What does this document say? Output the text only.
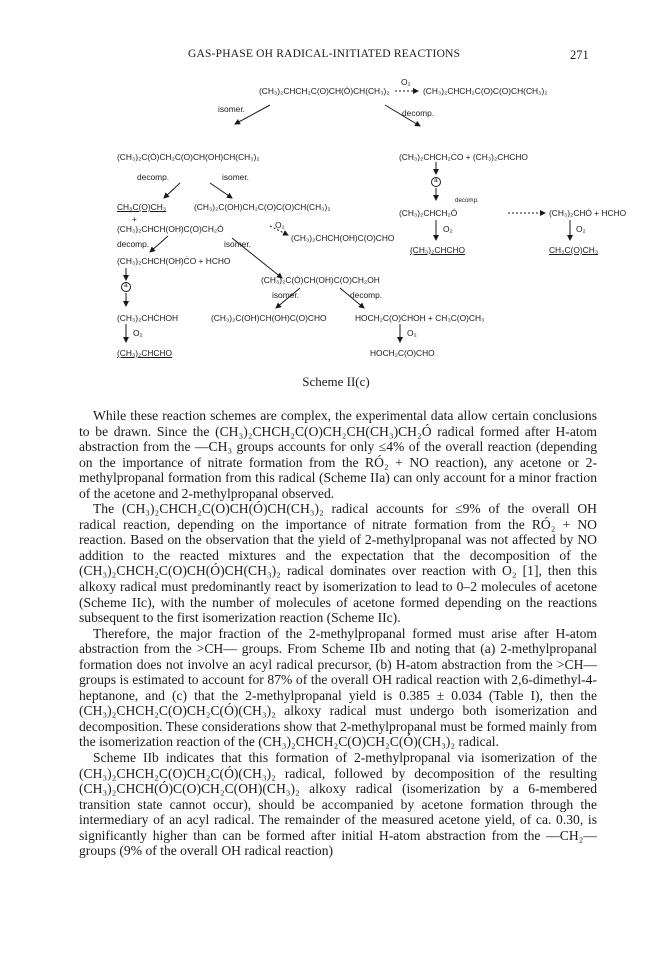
GAS-PHASE OH RADICAL-INITIATED REACTIONS	271
(CH₃)₂CHCH₂C(O)CH(Ó)CH(CH₃)₂
O₂
(CH₃)₂CHCH₂C(O)C(O)CH(CH₃)₂
isomer.	decomp.
(CH₃)₂C(Ó)CH₂C(O)CH(OH)CH(CH₃)₂	(CH₃)₂CHCH₂ĊO + (CH₃)₂CHCHO
decomp.	isomer.	a
CH₃C(O)CH₃	(CH₃)₂C(OH)CH₂C(O)C(O)CH(CH₃)₂
decomp.
(CH₃)₂CHCH₂Ó	(CH₃)₂CHÓ + HCHO
+
(CH₃)₂CHCH(OH)C(O)CH₂Ó	O₂
(CH₃)₂CHCH(OH)C(O)CHO
O₂	O₂
decomp.	isomer.
(CH₃)₂CHCHO	CH₃C(O)CH₃
(CH₃)₂CHCH(OH)ĊO + HCHO
(CH₃)₂C(Ó)CH(OH)C(O)CH₂OH
a
isomer.	decomp.
(CH₃)₂CHĊHOH	(CH₃)₂C(OH)CH(OH)C(O)CHO	HOCH₂C(O)ĊHOH + CH₃C(O)CH₃
O₂	O₂
(CH₃)₂CHCHO	HOCH₂C(O)CHO
Scheme II(c)

While these reaction schemes are complex, the experimental data allow certain conclusions to be drawn. Since the (CH₃)₂CHCH₂C(O)CH₂CH(CH₃)CH₂Ó radical formed after H-atom abstraction from the —CH₃ groups accounts for only ≤4% of the overall reaction (depending on the importance of nitrate formation from the RÓ₂ + NO reaction), any acetone or 2-methylpropanal formation from this radical (Scheme IIa) can only account for a minor fraction of the acetone and 2-methylpropanal observed.

The (CH₃)₂CHCH₂C(O)CH(Ó)CH(CH₃)₂ radical accounts for ≤9% of the overall OH radical reaction, depending on the importance of nitrate formation from the RÓ₂ + NO reaction. Based on the observation that the yield of 2-methylpropanal was not affected by NO addition to the reacted mixtures and the expectation that the decomposition of the (CH₃)₂CHCH₂C(O)CH(Ó)CH(CH₃)₂ radical dominates over reaction with O₂ [1], then this alkoxy radical must predominantly react by isomerization to lead to 0–2 molecules of acetone (Scheme IIc), with the number of molecules of acetone formed depending on the reactions subsequent to the first isomerization reaction (Scheme IIc).

Therefore, the major fraction of the 2-methylpropanal formed must arise after H-atom abstraction from the >CH— groups. From Scheme IIb and noting that (a) 2-methylpropanal formation does not involve an acyl radical precursor, (b) H-atom abstraction from the >CH— groups is estimated to account for 87% of the overall OH radical reaction with 2,6-dimethyl-4-heptanone, and (c) that the 2-methylpropanal yield is 0.385 ± 0.034 (Table I), then the (CH₃)₂CHCH₂C(O)CH₂C(Ó)(CH₃)₂ alkoxy radical must undergo both isomerization and decomposition. These considerations show that 2-methylpropanal must be formed mainly from the isomerization reaction of the (CH₃)₂CHCH₂C(O)CH₂C(Ó)(CH₃)₂ radical.

Scheme IIb indicates that this formation of 2-methylpropanal via isomerization of the (CH₃)₂CHCH₂C(O)CH₂C(Ó)(CH₃)₂ radical, followed by decomposition of the resulting (CH₃)₂CHCH(Ó)C(O)CH₂C(OH)(CH₃)₂ alkoxy radical (isomerization by a 6-membered transition state cannot occur), should be accompanied by acetone formation through the intermediary of an acyl radical. The remainder of the measured acetone yield, of ca. 0.30, is significantly higher than can be formed after initial H-atom abstraction from the —CH₂— groups (9% of the overall OH radical reaction)
